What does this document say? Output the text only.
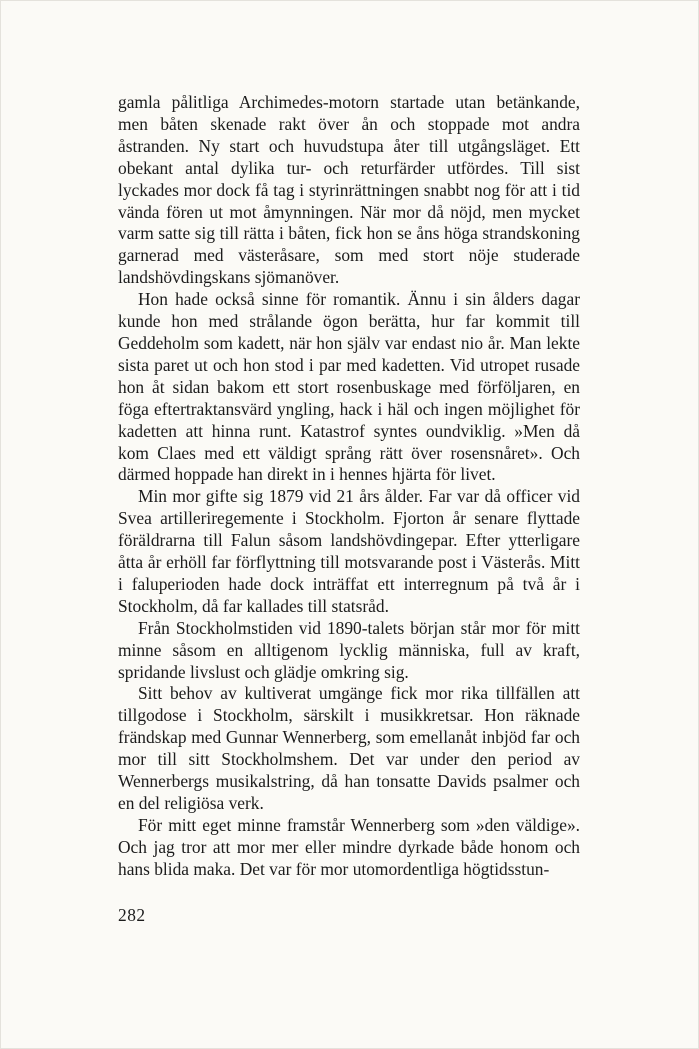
gamla pålitliga Archimedes-motorn startade utan betänkande, men båten skenade rakt över ån och stoppade mot andra åstranden. Ny start och huvudstupa åter till utgångsläget. Ett obekant antal dylika tur- och returfärder utfördes. Till sist lyckades mor dock få tag i styrinrättningen snabbt nog för att i tid vända fören ut mot åmynningen. När mor då nöjd, men mycket varm satte sig till rätta i båten, fick hon se åns höga strandskoning garnerad med västeråsare, som med stort nöje studerade landshövdingskans sjömanöver.

Hon hade också sinne för romantik. Ännu i sin ålders dagar kunde hon med strålande ögon berätta, hur far kommit till Geddeholm som kadett, när hon själv var endast nio år. Man lekte sista paret ut och hon stod i par med kadetten. Vid utropet rusade hon åt sidan bakom ett stort rosenbuskage med förföljaren, en föga eftertraktansvärd yngling, hack i häl och ingen möjlighet för kadetten att hinna runt. Katastrof syntes oundviklig. »Men då kom Claes med ett väldigt språng rätt över rosensnåret». Och därmed hoppade han direkt in i hennes hjärta för livet.

Min mor gifte sig 1879 vid 21 års ålder. Far var då officer vid Svea artilleriregemente i Stockholm. Fjorton år senare flyttade föräldrarna till Falun såsom landshövdingepar. Efter ytterligare åtta år erhöll far förflyttning till motsvarande post i Västerås. Mitt i faluperioden hade dock inträffat ett interregnum på två år i Stockholm, då far kallades till statsråd.

Från Stockholmstiden vid 1890-talets början står mor för mitt minne såsom en alltigenom lycklig människa, full av kraft, spridande livslust och glädje omkring sig.

Sitt behov av kultiverat umgänge fick mor rika tillfällen att tillgodose i Stockholm, särskilt i musikkretsar. Hon räknade frändskap med Gunnar Wennerberg, som emellanåt inbjöd far och mor till sitt Stockholmshem. Det var under den period av Wennerbergs musikalstring, då han tonsatte Davids psalmer och en del religiösa verk.

För mitt eget minne framstår Wennerberg som »den väldige». Och jag tror att mor mer eller mindre dyrkade både honom och hans blida maka. Det var för mor utomordentliga högtidsstun-

282
